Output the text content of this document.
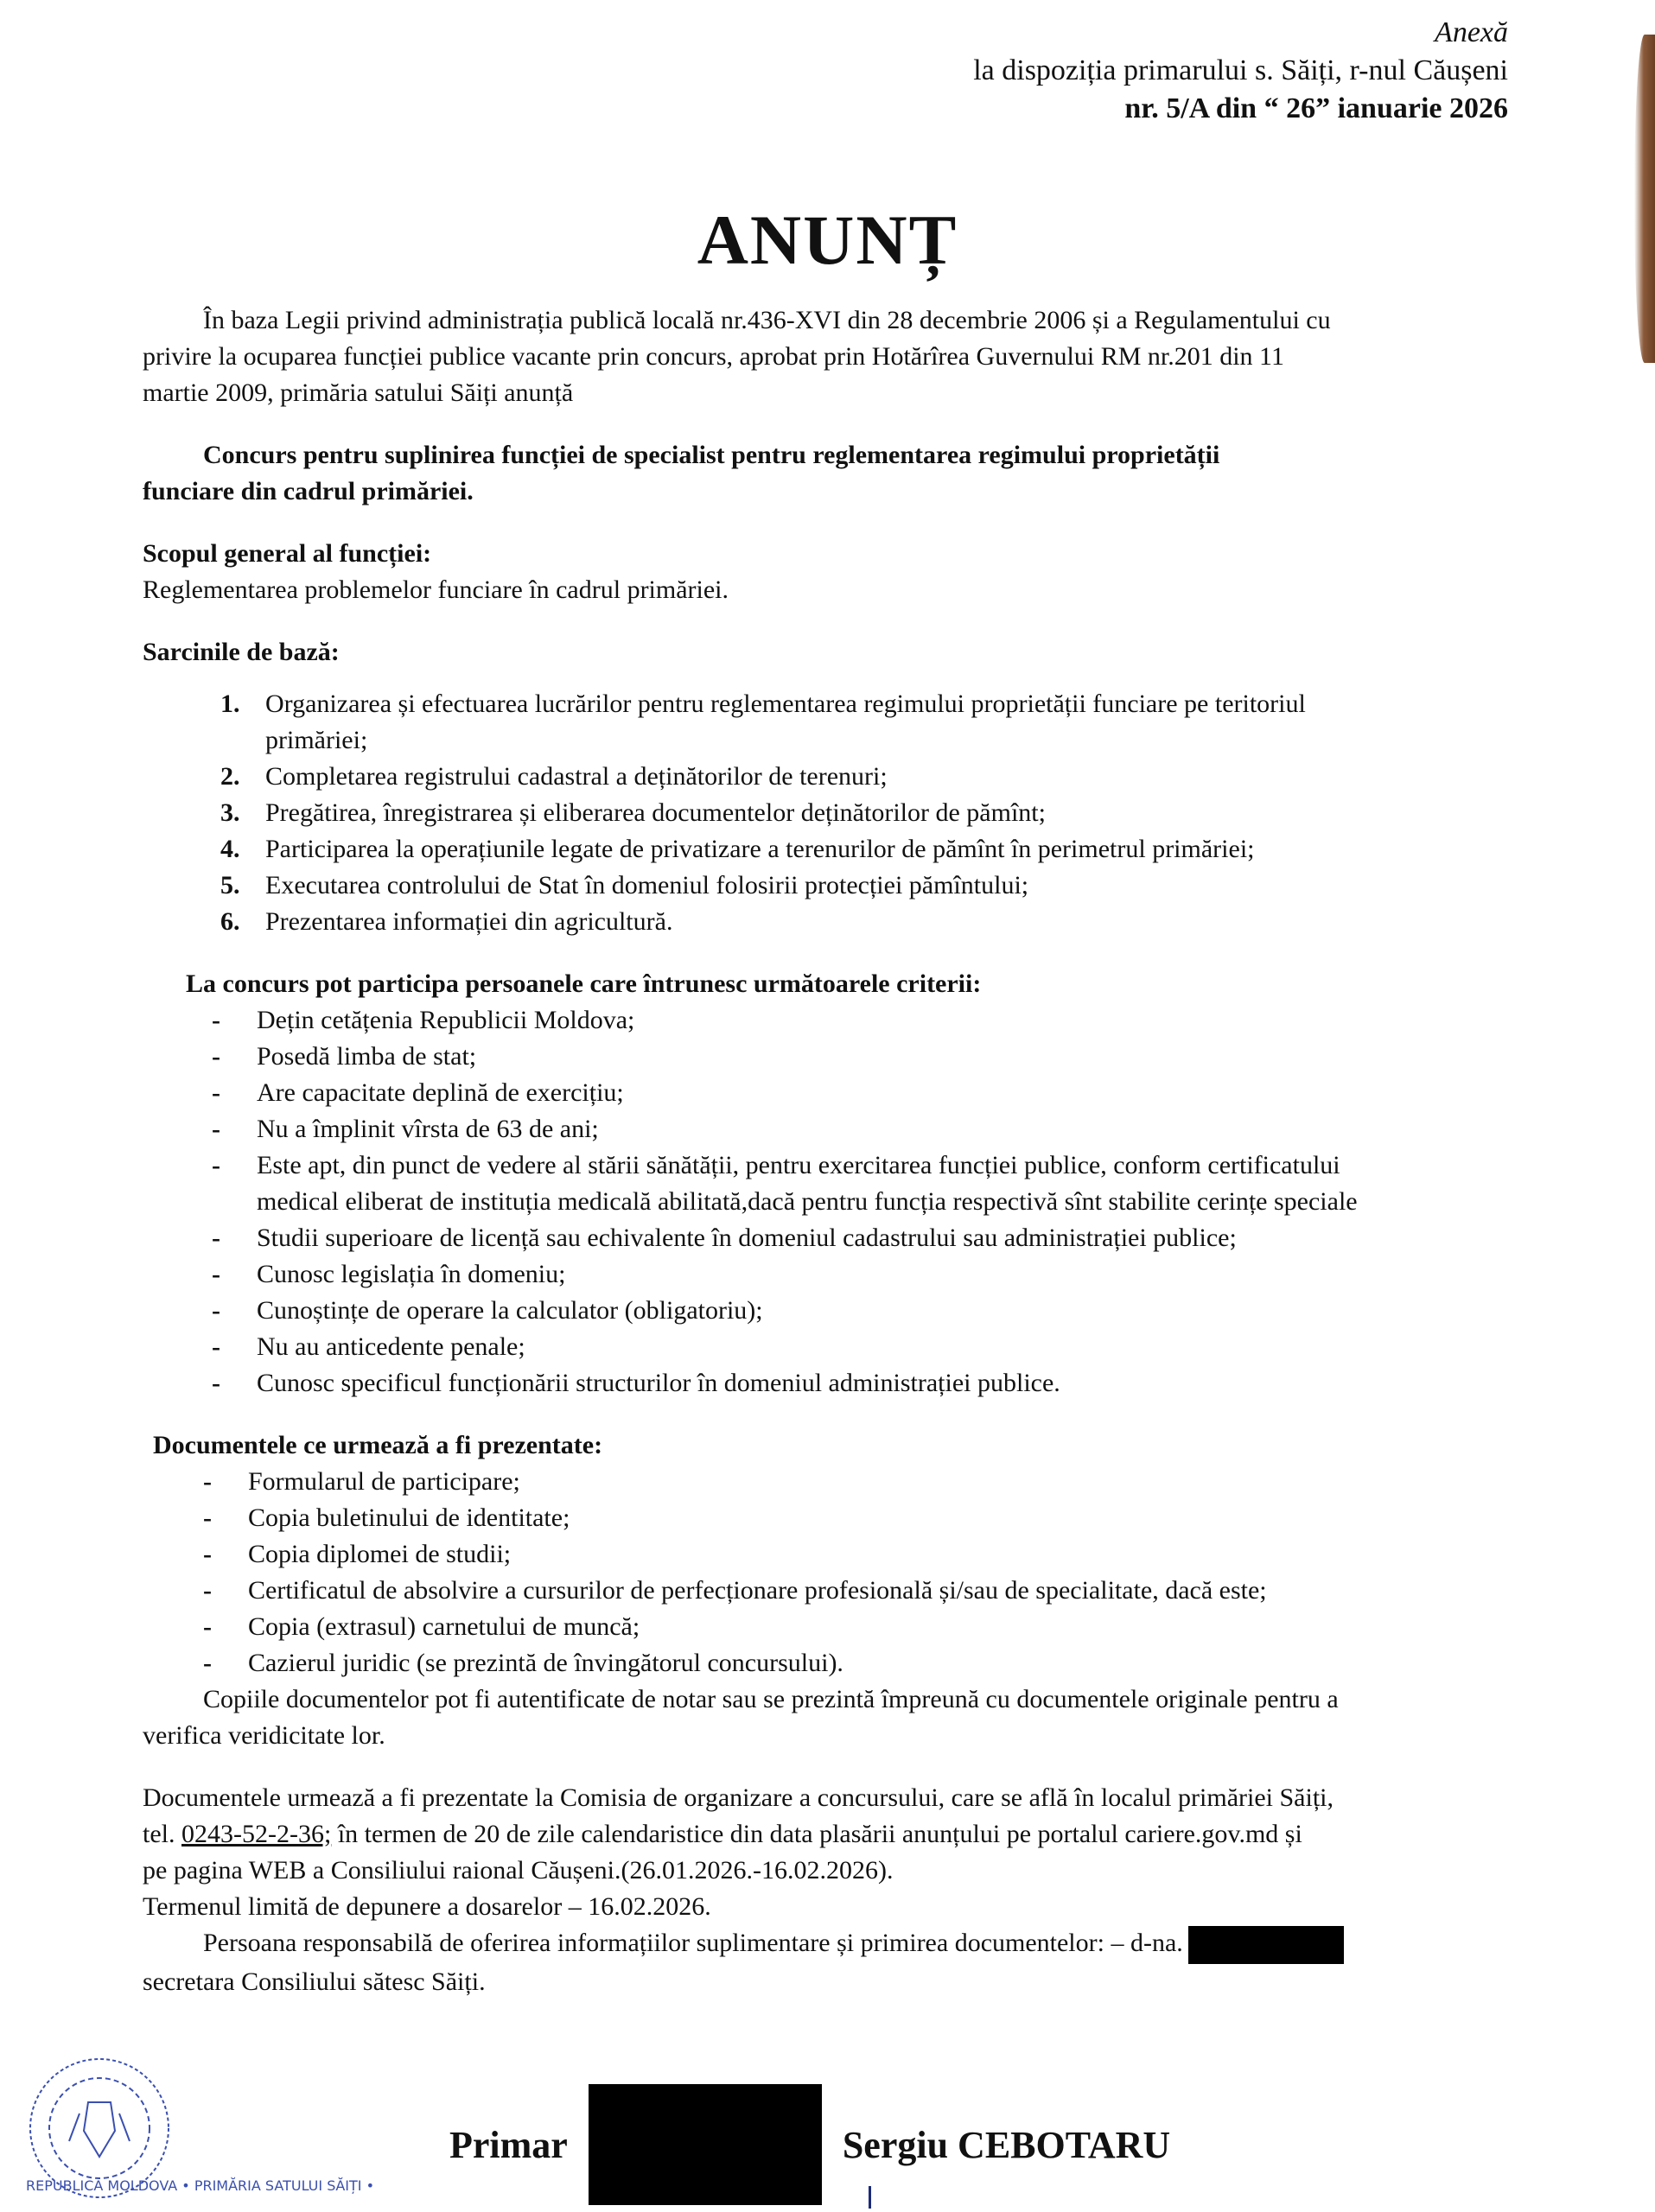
Anexă
la dispoziția primarului s. Săiți, r-nul Căușeni
nr. 5/A din “ 26” ianuarie 2026
ANUNȚ

În baza Legii privind administrația publică locală nr.436-XVI din 28 decembrie 2006 și a Regulamentului cu

privire la ocuparea funcției publice vacante prin concurs, aprobat prin Hotărîrea Guvernului RM nr.201 din 11

martie 2009, primăria satului Săiți anunță

Concurs pentru suplinirea funcției de specialist pentru reglementarea regimului proprietății

funciare din cadrul primăriei.

Scopul general al funcției:

Reglementarea problemelor funciare în cadrul primăriei.

Sarcinile de bază:

1. Organizarea și efectuarea lucrărilor pentru reglementarea regimului proprietății funciare pe teritoriul
primăriei;
2. Completarea registrului cadastral a deținătorilor de terenuri;
3. Pregătirea, înregistrarea și eliberarea documentelor deținătorilor de pămînt;
4. Participarea la operațiunile legate de privatizare a terenurilor de pămînt în perimetrul primăriei;
5. Executarea controlului de Stat în domeniul folosirii protecției pămîntului;
6. Prezentarea informației din agricultură.

La concurs pot participa persoanele care întrunesc următoarele criterii:

-	Dețin cetățenia Republicii Moldova;
-	Posedă limba de stat;
-	Are capacitate deplină de exercițiu;
-	Nu a împlinit vîrsta de 63 de ani;
-	Este apt, din punct de vedere al stării sănătății, pentru exercitarea funcției publice, conform certificatului
medical eliberat de instituția medicală abilitată,dacă pentru funcția respectivă sînt stabilite cerințe speciale
-	Studii superioare de licență sau echivalente în domeniul cadastrului sau administrației publice;
-	Cunosc legislația în domeniu;
-	Cunoștințe de operare la calculator (obligatoriu);
-	Nu au anticedente penale;
-	Cunosc specificul funcționării structurilor în domeniul administrației publice.

Documentele ce urmează a fi prezentate:

-	Formularul de participare;
-	Copia buletinului de identitate;
-	Copia diplomei de studii;
-	Certificatul de absolvire a cursurilor de perfecționare profesională și/sau de specialitate, dacă este;
-	Copia (extrasul) carnetului de muncă;
-	Cazierul juridic (se prezintă de învingătorul concursului).

Copiile documentelor pot fi autentificate de notar sau se prezintă împreună cu documentele originale pentru a

verifica veridicitate lor.

Documentele urmează a fi prezentate la Comisia de organizare a concursului, care se află în localul primăriei Săiți,

tel. 0243-52-2-36; în termen de 20 de zile calendaristice din data plasării anunțului pe portalul cariere.gov.md și

pe pagina WEB a Consiliului raional Căușeni.(26.01.2026.-16.02.2026).

Termenul limită de depunere a dosarelor – 16.02.2026.

Persoana responsabilă de oferirea informațiilor suplimentare și primirea documentelor: – d-na.

secretara Consiliului sătesc Săiți.

REPUBLICA MOLDOVA • PRIMĂRIA SATULUI SĂIȚI •
Primar	Sergiu CEBOTARU
